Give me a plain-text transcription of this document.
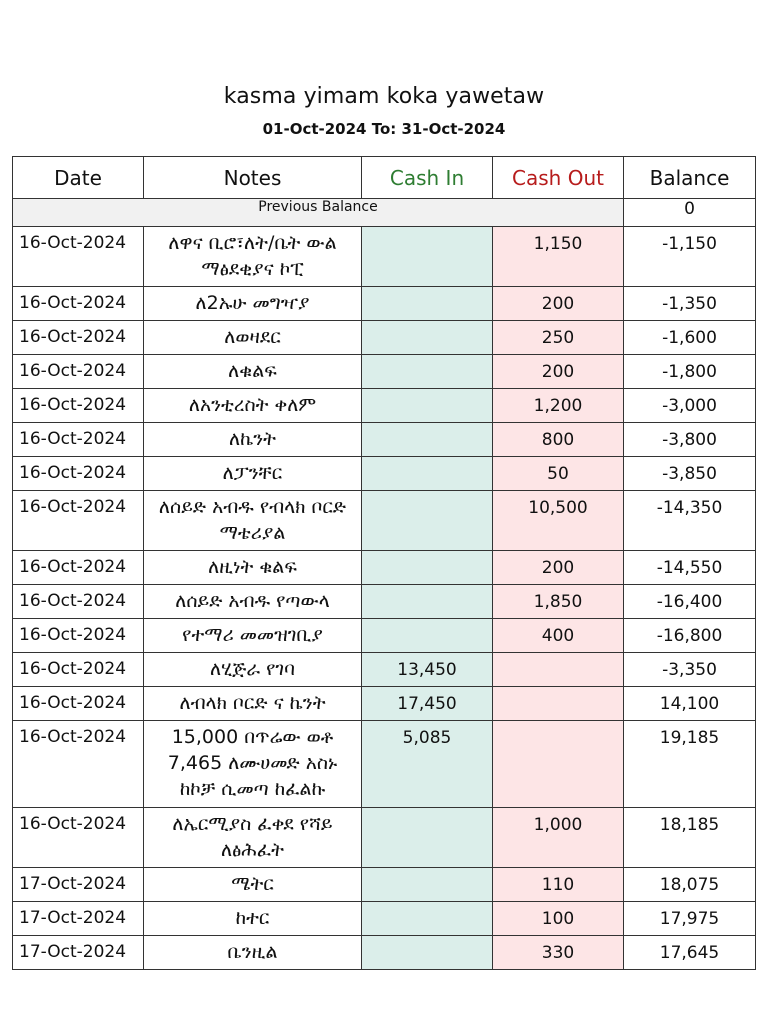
kasma yimam koka yawetaw
01-Oct-2024 To: 31-Oct-2024
Date	Notes	Cash In	Cash Out	Balance
Previous Balance				0
16-Oct-2024	ለዋና ቢሮ፣ለት/ቤት ውል ማፅደቂያና ኮፒ		1,150	-1,150
16-Oct-2024	ለ2ኡሁ መግዣያ		200	-1,350
16-Oct-2024	ለወዛደር		250	-1,600
16-Oct-2024	ለቁልፍ		200	-1,800
16-Oct-2024	ለአንቲረስት ቀለም		1,200	-3,000
16-Oct-2024	ለኬንት		800	-3,800
16-Oct-2024	ለፓንቸር		50	-3,850
16-Oct-2024	ለሰይድ አብዱ የብላክ ቦርድ ማቴሪያል		10,500	-14,350
16-Oct-2024	ለዚነት ቁልፍ		200	-14,550
16-Oct-2024	ለሰይድ አብዱ የጣውላ		1,850	-16,400
16-Oct-2024	የተማሪ መመዝገቢያ		400	-16,800
16-Oct-2024	ለሂጅራ የገባ	13,450		-3,350
16-Oct-2024	ለብላክ ቦርድ ና ኬንት	17,450		14,100
16-Oct-2024	15,000 በጥሬው ወቶ 7,465 ለሙሀመድ አስኑ ከኮቻ ሲመጣ ከፈልኩ	5,085		19,185
16-Oct-2024	ለኤርሚያስ ፈቀደ የሻይ ለፅሕፈት		1,000	18,185
17-Oct-2024	ሜትር		110	18,075
17-Oct-2024	ከተር		100	17,975
17-Oct-2024	ቤንዚል		330	17,645
